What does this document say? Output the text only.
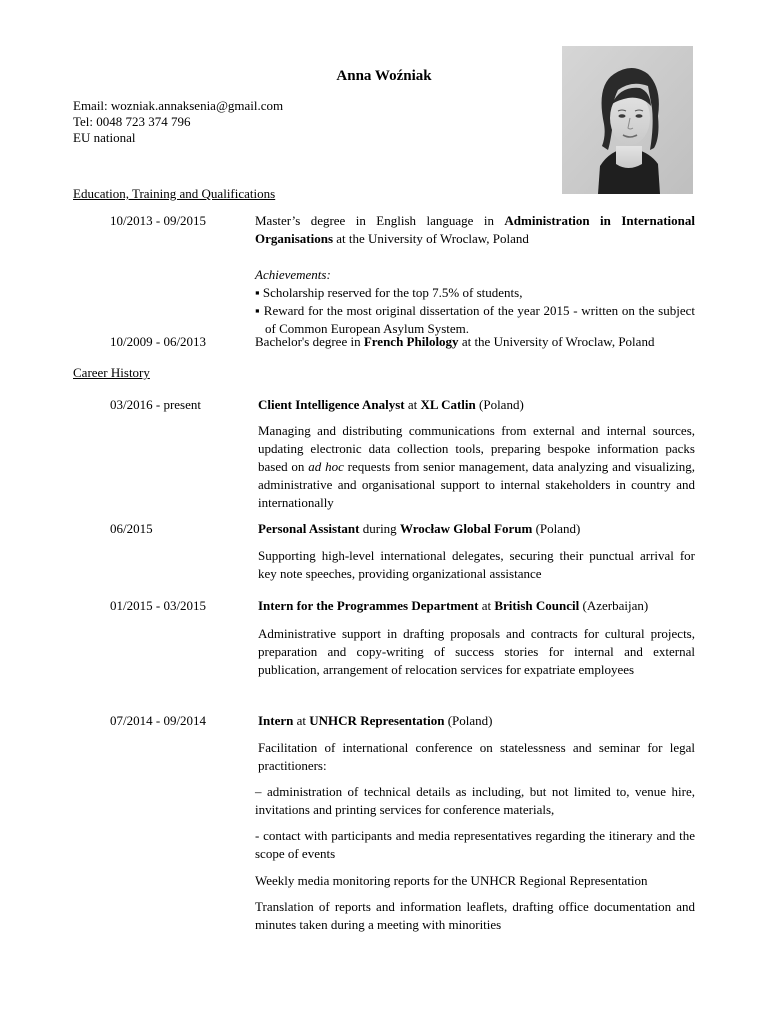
Anna Woźniak
Email: wozniak.annaksenia@gmail.com
Tel: 0048 723 374 796
EU national
Education, Training and Qualifications
10/2013 - 09/2015	Master’s degree in English language in Administration in International Organisations at the University of Wroclaw, Poland

Achievements:

▪ Scholarship reserved for the top 7.5% of students,

▪ Reward for the most original dissertation of the year 2015 - written on the subject of Common European Asylum System.

10/2009 - 06/2013	Bachelor's degree in French Philology at the University of Wroclaw, Poland
Career History
03/2016 - present	Client Intelligence Analyst at XL Catlin (Poland)
Managing and distributing communications from external and internal sources, updating electronic data collection tools, preparing bespoke information packs based on ad hoc requests from senior management, data analyzing and visualizing, administrative and organisational support to internal stakeholders in country and internationally
06/2015	Personal Assistant during Wrocław Global Forum (Poland)
Supporting high-level international delegates, securing their punctual arrival for key note speeches, providing organizational assistance
01/2015 - 03/2015	Intern for the Programmes Department at British Council (Azerbaijan)
Administrative support in drafting proposals and contracts for cultural projects, preparation and copy-writing of success stories for internal and external publication, arrangement of relocation services for expatriate employees
07/2014 - 09/2014	Intern at UNHCR Representation (Poland)
Facilitation of international conference on statelessness and seminar for legal practitioners:
– administration of technical details as including, but not limited to, venue hire, invitations and printing services for conference materials,
- contact with participants and media representatives regarding the itinerary and the scope of events
Weekly media monitoring reports for the UNHCR Regional Representation
Translation of reports and information leaflets, drafting office documentation and minutes taken during a meeting with minorities
